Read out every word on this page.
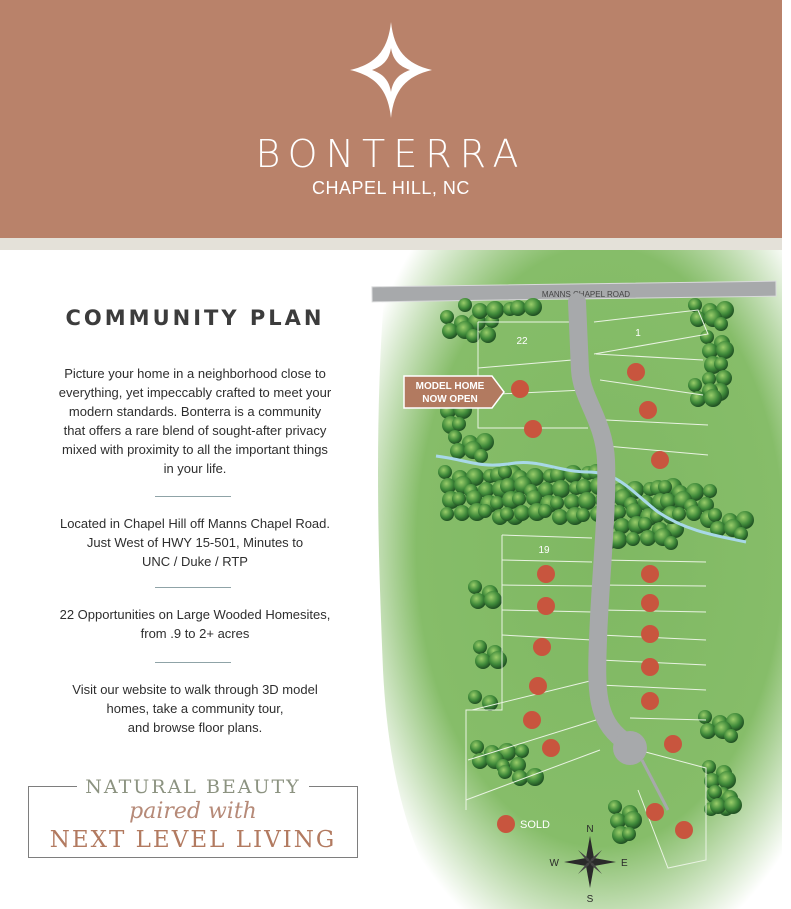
BONTERRA
CHAPEL HILL, NC
COMMUNITY PLAN
Picture your home in a neighborhood close to
everything, yet impeccably crafted to meet your
modern standards. Bonterra is a community
that offers a rare blend of sought-after privacy
mixed with proximity to all the important things
in your life.
Located in Chapel Hill off Manns Chapel Road.
Just West of HWY 15-501, Minutes to
UNC / Duke / RTP
22 Opportunities on Large Wooded Homesites,
from .9 to 2+ acres
Visit our website to walk through 3D model
homes, take a community tour,
and browse floor plans.
NATURAL BEAUTY
paired with
NEXT LEVEL LIVING
MANNS CHAPEL ROAD
22
1
19
MODEL HOME
NOW OPEN
SOLD	N
S
E
W
